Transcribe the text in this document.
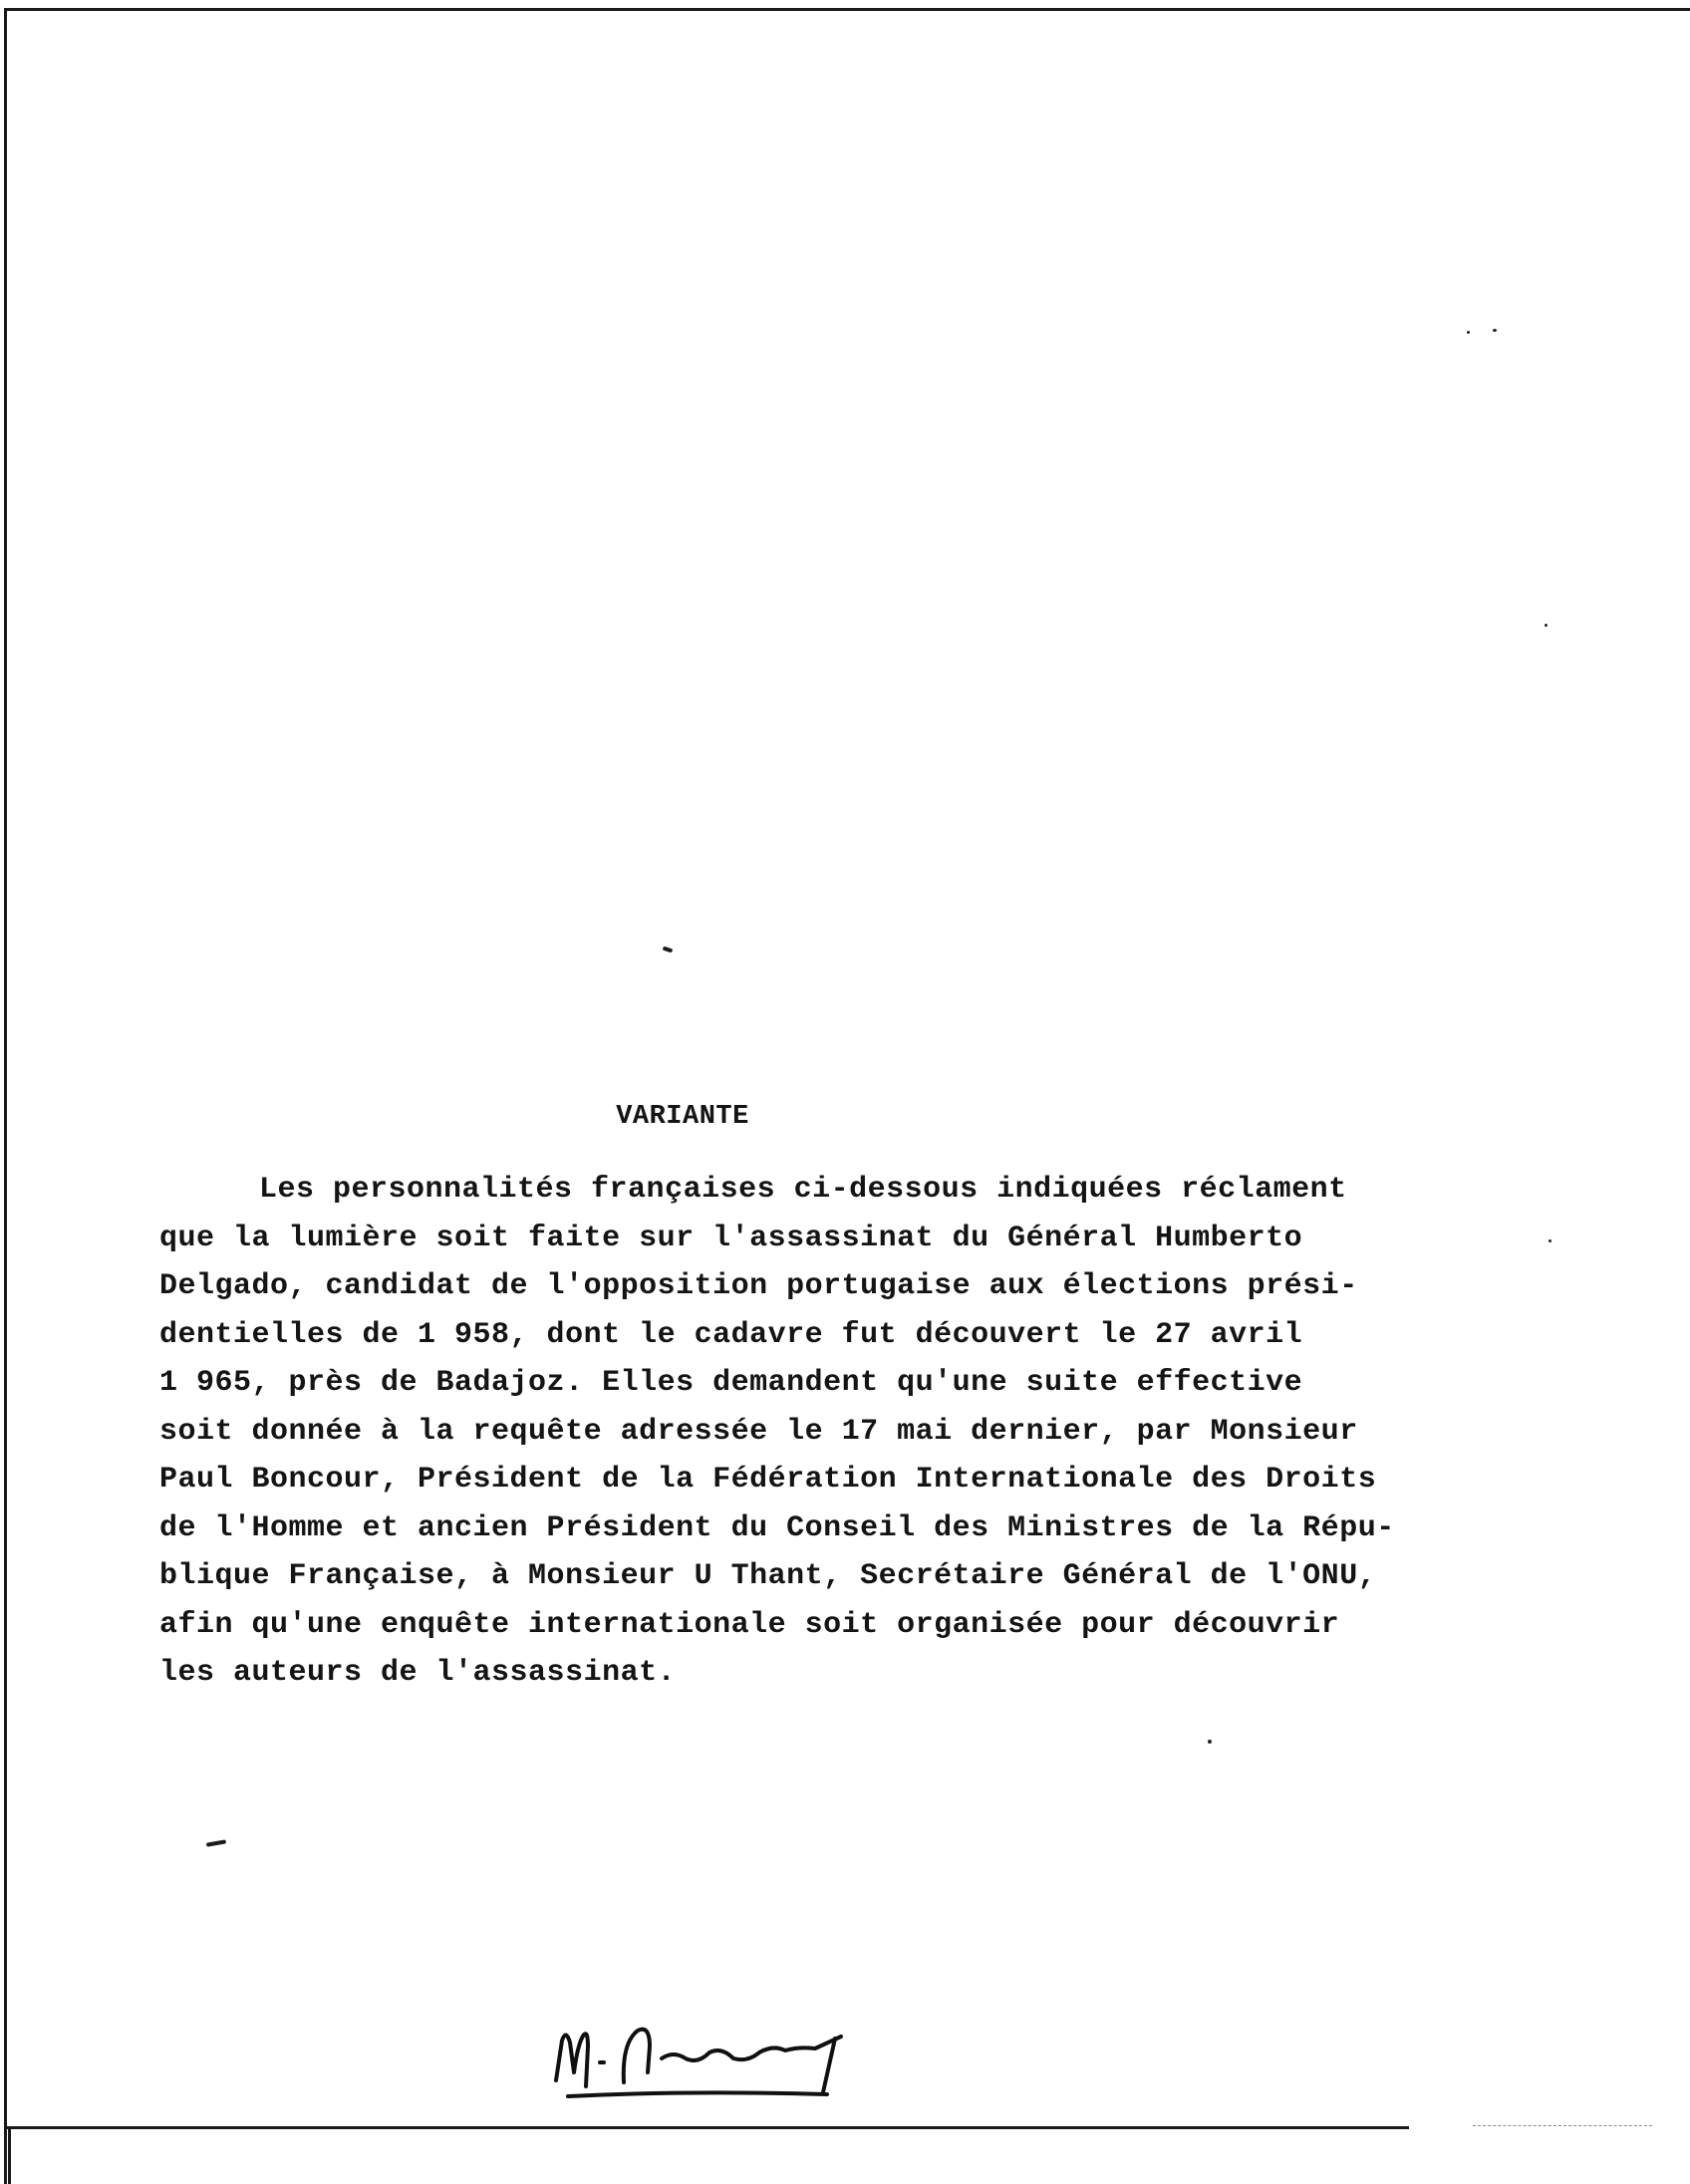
VARIANTE
Les personnalités françaises ci-dessous indiquées réclament
que la lumière soit faite sur l'assassinat du Général Humberto
Delgado, candidat de l'opposition portugaise aux élections prési-
dentielles de 1 958, dont le cadavre fut découvert le 27 avril
1 965, près de Badajoz. Elles demandent qu'une suite effective
soit donnée à la requête adressée le 17 mai dernier, par Monsieur
Paul Boncour, Président de la Fédération Internationale des Droits
de l'Homme et ancien Président du Conseil des Ministres de la Répu-
blique Française, à Monsieur U Thant, Secrétaire Général de l'ONU,
afin qu'une enquête internationale soit organisée pour découvrir
les auteurs de l'assassinat.
